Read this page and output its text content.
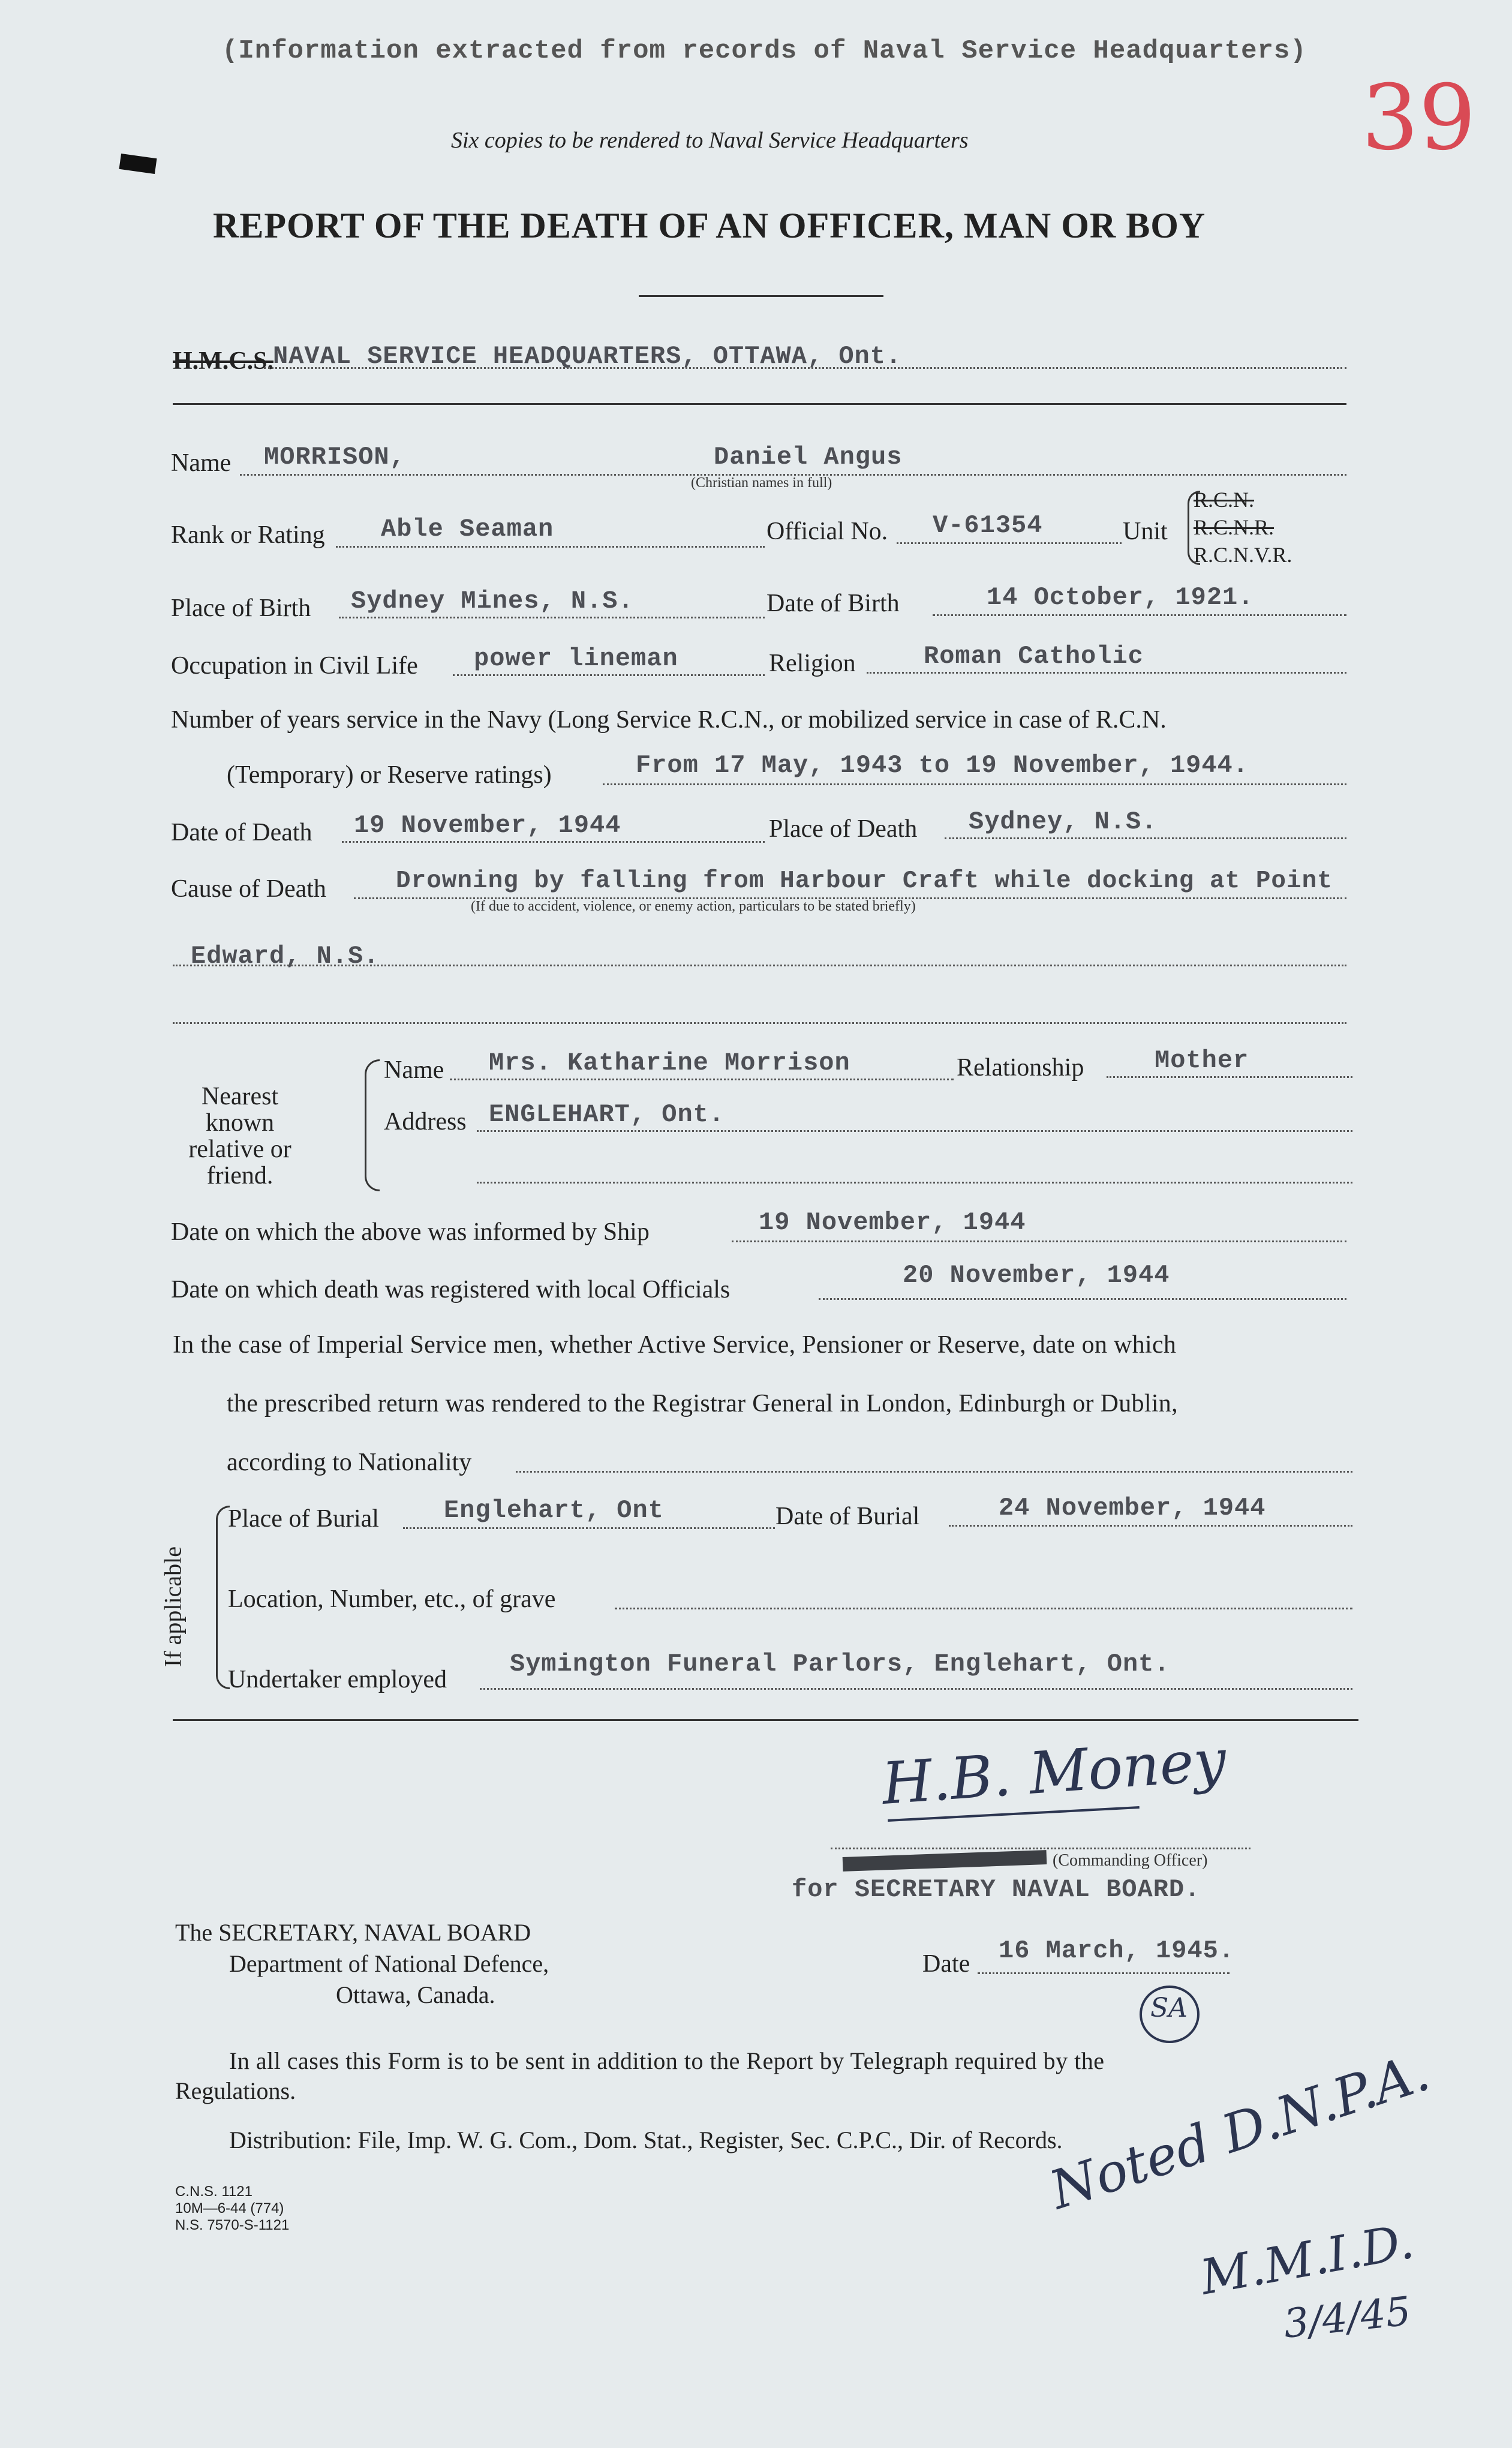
(Information extracted from records of Naval Service Headquarters)
39
Six copies to be rendered to Naval Service Headquarters
REPORT OF THE DEATH OF AN OFFICER, MAN OR BOY
H.M.C.S. NAVAL SERVICE HEADQUARTERS, OTTAWA, Ont.
Name MORRISON,	Daniel Angus
(Christian names in full)
Rank or Rating Able Seaman	Official No. V-61354	Unit
R.C.N.
R.C.N.R.
R.C.N.V.R.
Place of Birth Sydney Mines, N.S.	Date of Birth	14 October, 1921.
Occupation in Civil Life power lineman	Religion	Roman Catholic
Number of years service in the Navy (Long Service R.C.N., or mobilized service in case of R.C.N.
(Temporary) or Reserve ratings)	From 17 May, 1943 to 19 November, 1944.
Date of Death 19 November, 1944	Place of Death Sydney, N.S.
Cause of Death	Drowning by falling from Harbour Craft while docking at Point
(If due to accident, violence, or enemy action, particulars to be stated briefly)
Edward, N.S.
Nearest known relative or friend.
Name Mrs. Katharine Morrison	Relationship	Mother
Address ENGLEHART, Ont.
Date on which the above was informed by Ship	19 November, 1944
Date on which death was registered with local Officials	20 November, 1944
In the case of Imperial Service men, whether Active Service, Pensioner or Reserve, date on which
the prescribed return was rendered to the Registrar General in London, Edinburgh or Dublin,
according to Nationality
If applicable
Place of Burial	Englehart, Ont	Date of Burial	24 November, 1944
Location, Number, etc., of grave
Undertaker employed
Symington Funeral Parlors, Englehart, Ont.
H.B. Money
(Commanding Officer)
for SECRETARY NAVAL BOARD.
Date 16 March, 1945.
The SECRETARY, NAVAL BOARD
Department of National Defence,
Ottawa, Canada.	SA
In all cases this Form is to be sent in addition to the Report by Telegraph required by the
Regulations.
Distribution: File, Imp. W. G. Com., Dom. Stat., Register, Sec. C.P.C., Dir. of Records.
C.N.S. 1121
10M—6-44 (774)
N.S. 7570-S-1121
Noted D.N.P.A.
M.M.I.D.
3/4/45
